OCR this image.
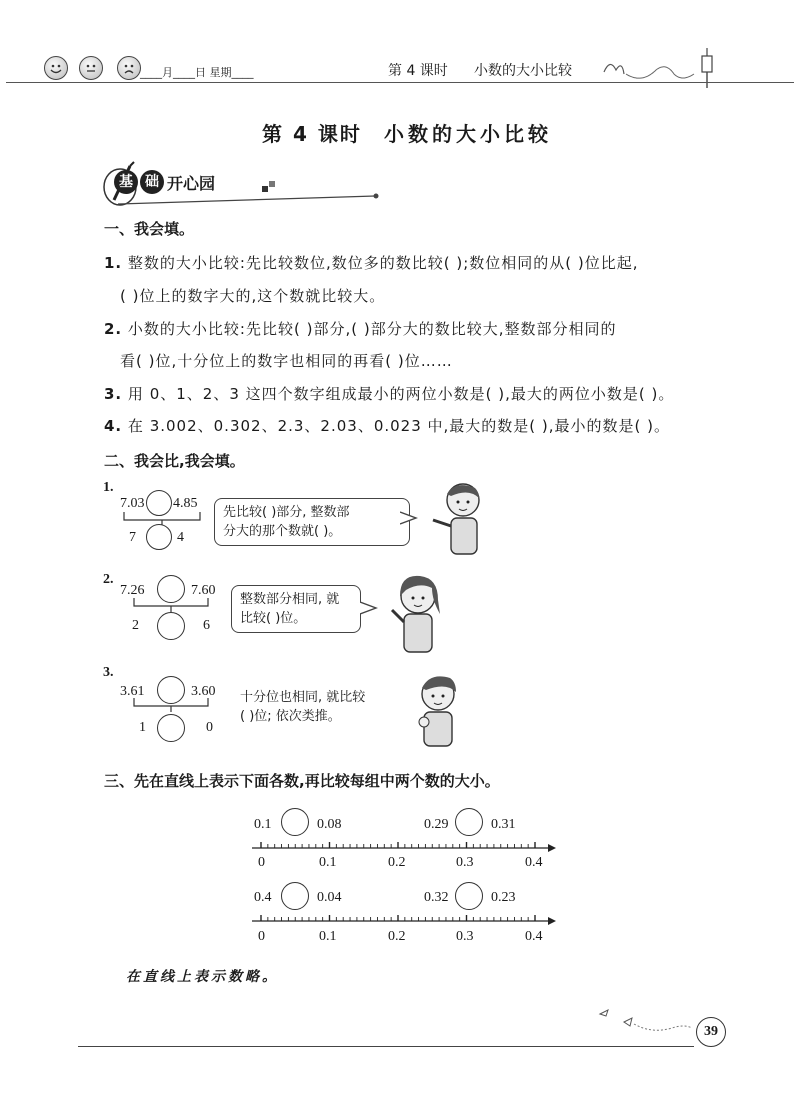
____月____日 星期____	第 4 课时 小数的大小比较
第 4 课时 小数的大小比较
基 础 开心园
一、我会填。
1. 整数的大小比较:先比较数位,数位多的数比较( );数位相同的从( )位比起,
( )位上的数字大的,这个数就比较大。
2. 小数的大小比较:先比较( )部分,( )部分大的数比较大,整数部分相同的
看( )位,十分位上的数字也相同的再看( )位……
3. 用 0、1、2、3 这四个数字组成最小的两位小数是( ),最大的两位小数是( )。
4. 在 3.002、0.302、2.3、2.03、0.023 中,最大的数是( ),最小的数是( )。
二、我会比,我会填。
1.
7.03 4.85
7	4
先比较( )部分, 整数部
分大的那个数就( )。
2.
7.26	7.60
2	6
整数部分相同, 就
比较( )位。
3.
3.61	3.60
1	0
十分位也相同, 就比较
( )位; 依次类推。
三、先在直线上表示下面各数,再比较每组中两个数的大小。
0.1	0.08	0.29	0.31
0	0.1	0.2	0.3	0.4
0.4	0.04	0.32	0.23
0	0.1	0.2	0.3	0.4
在直线上表示数略。
39
